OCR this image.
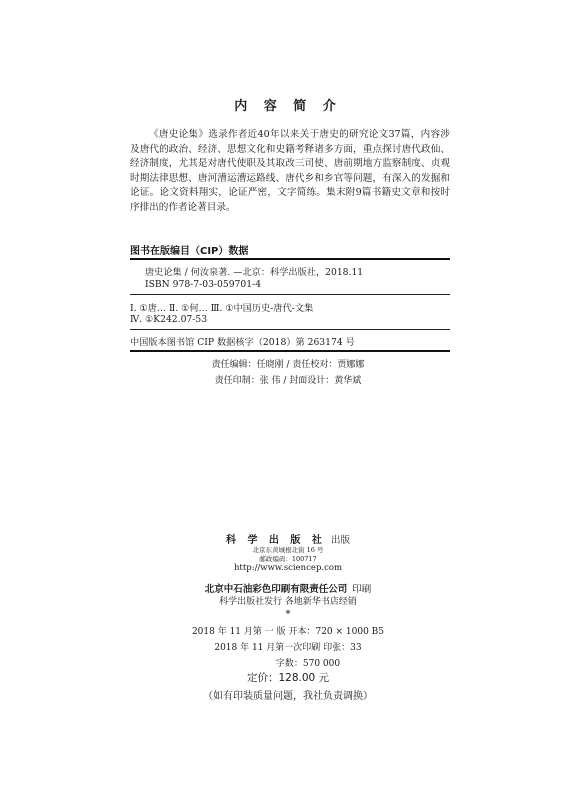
内 容 简 介

《唐史论集》选录作者近40年以来关于唐史的研究论文37篇，内容涉及唐代的政治、经济、思想文化和史籍考释诸多方面，重点探讨唐代政仙、经济制度，尤其是对唐代使职及其取改三司使、唐前期地方监察制度、贞观时期法律思想、唐河漕运漕运路线、唐代乡和乡官等问题，有深入的发掘和论证。论文资料翔实，论证严密，文字简练。集末附9篇书籍史文章和按时序排出的作者论著目录。

图书在版编目（CIP）数据
唐史论集 / 何汝泉著. —北京：科学出版社，2018.11
ISBN 978-7-03-059701-4
Ⅰ. ①唐… Ⅱ. ①何… Ⅲ. ①中国历史-唐代-文集
Ⅳ. ①K242.07-53
中国版本图书馆 CIP 数据核字（2018）第 263174 号
责任编辑：任晓刚 / 责任校对：贾娜娜
责任印制：张 伟 / 封面设计：黄华斌
科 学 出 版 社 出版
北京东黄城根北街 16 号
邮政编码：100717
http://www.sciencep.com
北京中石油彩色印刷有限责任公司 印刷
科学出版社发行 各地新华书店经销
*
2018 年 11 月第 一 版 开本：720 × 1000 B5
2018 年 11 月第一次印刷 印张：33
字数：570 000
定价：128.00 元
（如有印装质量问题，我社负责调换）
